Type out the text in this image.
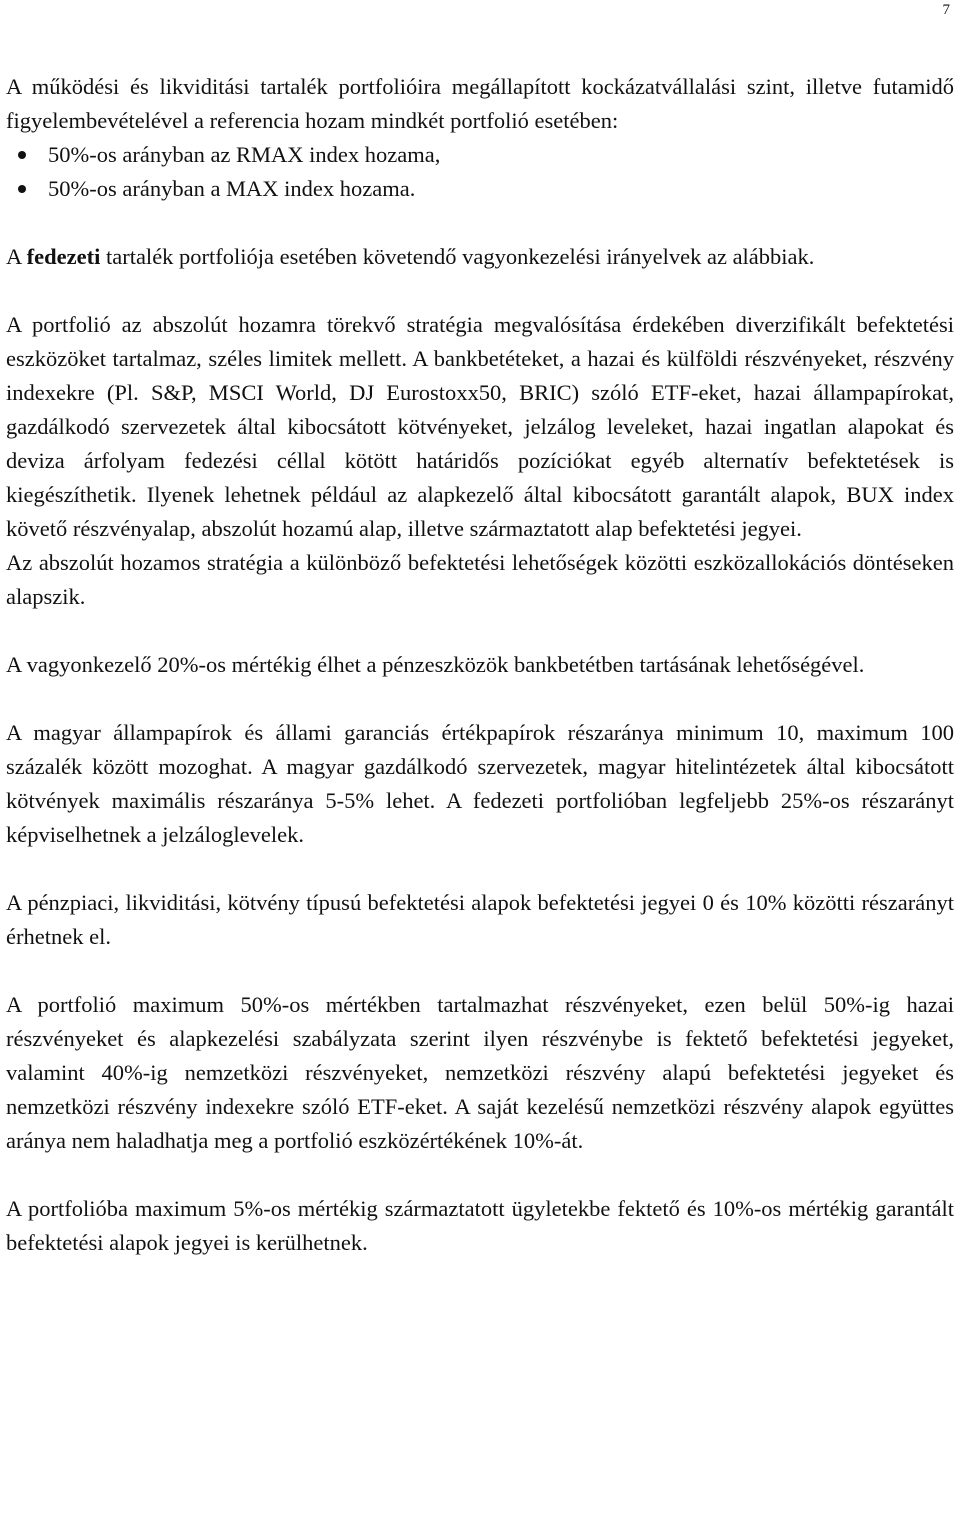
7

A működési és likviditási tartalék portfolióira megállapított kockázatvállalási szint, illetve futamidő figyelembevételével a referencia hozam mindkét portfolió esetében:

50%-os arányban az RMAX index hozama,
50%-os arányban a MAX index hozama.

A fedezeti tartalék portfoliója esetében követendő vagyonkezelési irányelvek az alábbiak.

A portfolió az abszolút hozamra törekvő stratégia megvalósítása érdekében diverzifikált befektetési eszközöket tartalmaz, széles limitek mellett. A bankbetéteket, a hazai és külföldi részvényeket, részvény indexekre (Pl. S&P, MSCI World, DJ Eurostoxx50, BRIC) szóló ETF-eket, hazai állampapírokat, gazdálkodó szervezetek által kibocsátott kötvényeket, jelzálog leveleket, hazai ingatlan alapokat és deviza árfolyam fedezési céllal kötött határidős pozíciókat egyéb alternatív befektetések is kiegészíthetik. Ilyenek lehetnek például az alapkezelő által kibocsátott garantált alapok, BUX index követő részvényalap, abszolút hozamú alap, illetve származtatott alap befektetési jegyei.

Az abszolút hozamos stratégia a különböző befektetési lehetőségek közötti eszközallokációs döntéseken alapszik.

A vagyonkezelő 20%-os mértékig élhet a pénzeszközök bankbetétben tartásának lehetőségével.

A magyar állampapírok és állami garanciás értékpapírok részaránya minimum 10, maximum 100 százalék között mozoghat. A magyar gazdálkodó szervezetek, magyar hitelintézetek által kibocsátott kötvények maximális részaránya 5-5% lehet. A fedezeti portfolióban legfeljebb 25%-os részarányt képviselhetnek a jelzáloglevelek.

A pénzpiaci, likviditási, kötvény típusú befektetési alapok befektetési jegyei 0 és 10% közötti részarányt érhetnek el.

A portfolió maximum 50%-os mértékben tartalmazhat részvényeket, ezen belül 50%-ig hazai részvényeket és alapkezelési szabályzata szerint ilyen részvénybe is fektető befektetési jegyeket, valamint 40%-ig nemzetközi részvényeket, nemzetközi részvény alapú befektetési jegyeket és nemzetközi részvény indexekre szóló ETF-eket. A saját kezelésű nemzetközi részvény alapok együttes aránya nem haladhatja meg a portfolió eszközértékének 10%-át.

A portfolióba maximum 5%-os mértékig származtatott ügyletekbe fektető és 10%-os mértékig garantált befektetési alapok jegyei is kerülhetnek.
